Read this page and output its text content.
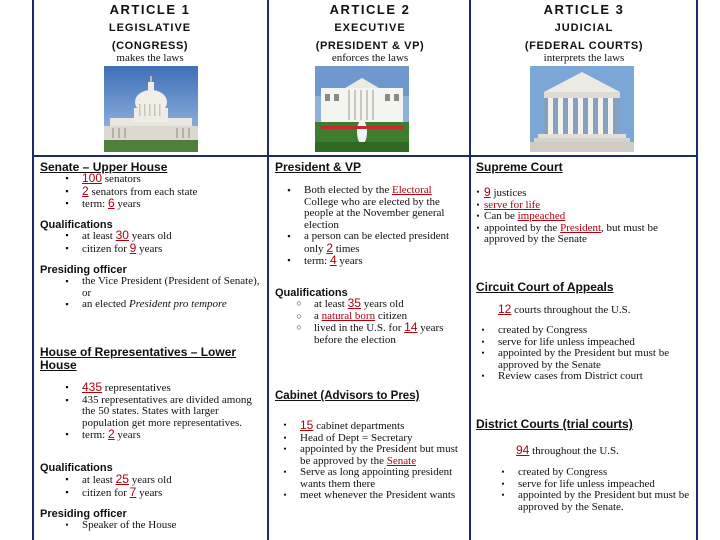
ARTICLE 1
LEGISLATIVE
(CONGRESS)
makes the laws
ARTICLE 2
EXECUTIVE
(PRESIDENT & VP)
enforces the laws
ARTICLE 3
JUDICIAL
(FEDERAL COURTS)
interprets the laws
Senate – Upper House
▪	100 senators
▪	2 senators from each state
▪	term: 6 years
Qualifications
▪	at least 30 years old
▪	citizen for 9 years
Presiding officer
▪	the Vice President (President of Senate), or
▪	an elected President pro tempore
House of Representatives – Lower House
▪	435 representatives
▪	435 representatives are divided among the 50 states. States with larger population get more representatives.
▪	term: 2 years
Qualifications
▪	at least 25 years old
▪	citizen for 7 years
Presiding officer
•	Speaker of the House
President & VP
▪	Both elected by the Electoral College who are elected by the people at the November general election
▪	a person can be elected president only 2 times
▪	term: 4 years
Qualifications
○	at least 35 years old
○	a natural born citizen
○	lived in the U.S. for 14 years before the election
Cabinet (Advisors to Pres)
•	15 cabinet departments
•	Head of Dept = Secretary
•	appointed by the President but must be approved by the Senate
•	Serve as long appointing president wants them there
•	meet whenever the President wants
Supreme Court
• 9 justices
• serve for life
• Can be impeached
• appointed by the President, but must be approved by the Senate
Circuit Court of Appeals
12 courts throughout the U.S.
•	created by Congress
•	serve for life unless impeached
•	appointed by the President but must be approved by the Senate
•	Review cases from District court
District Courts (trial courts)
94 throughout the U.S.
•	created by Congress
•	serve for life unless impeached
•	appointed by the President but must be approved by the Senate.
